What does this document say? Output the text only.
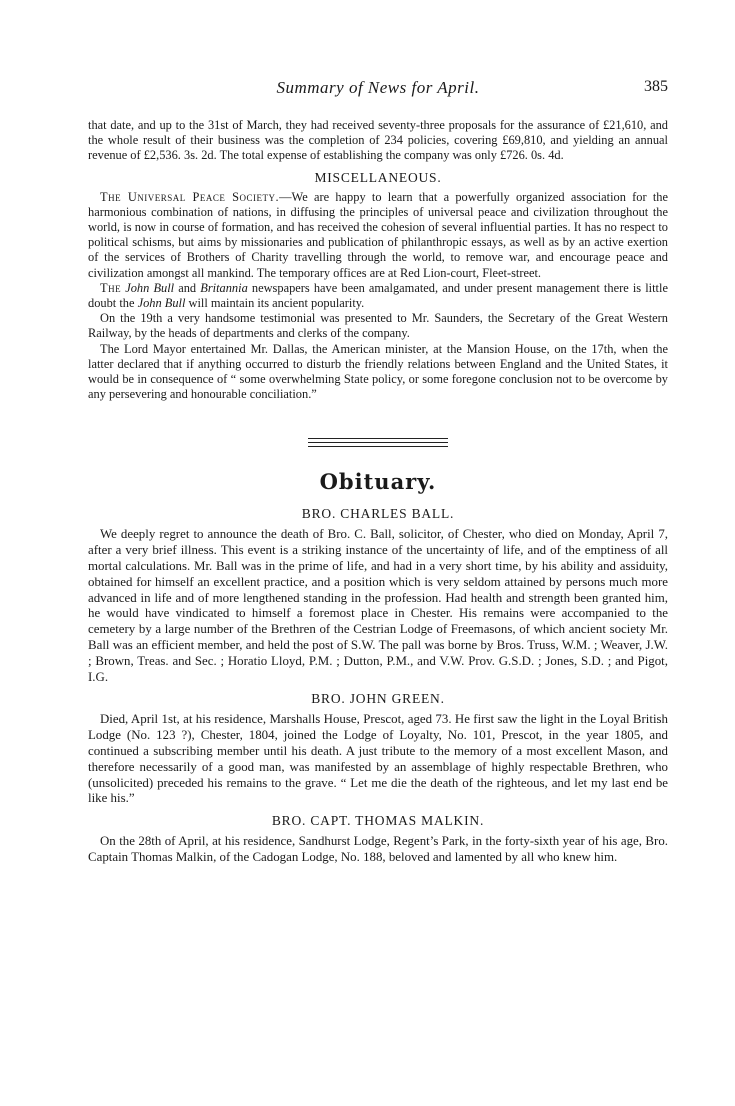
Summary of News for April.	385

that date, and up to the 31st of March, they had received seventy-three proposals for the assurance of £21,610, and the whole result of their business was the completion of 234 policies, covering £69,810, and yielding an annual revenue of £2,536. 3s. 2d. The total expense of establishing the company was only £726. 0s. 4d.

MISCELLANEOUS.

The Universal Peace Society.—We are happy to learn that a powerfully organized association for the harmonious combination of nations, in diffusing the principles of universal peace and civilization throughout the world, is now in course of formation, and has received the cohesion of several influential parties. It has no respect to political schisms, but aims by missionaries and publication of philanthropic essays, as well as by an active exertion of the services of Brothers of Charity travelling through the world, to remove war, and encourage peace and civilization amongst all mankind. The temporary offices are at Red Lion-court, Fleet-street.

The John Bull and Britannia newspapers have been amalgamated, and under present management there is little doubt the John Bull will maintain its ancient popularity.

On the 19th a very handsome testimonial was presented to Mr. Saunders, the Secretary of the Great Western Railway, by the heads of departments and clerks of the company.

The Lord Mayor entertained Mr. Dallas, the American minister, at the Mansion House, on the 17th, when the latter declared that if anything occurred to disturb the friendly relations between England and the United States, it would be in consequence of “ some overwhelming State policy, or some foregone conclusion not to be overcome by any persevering and honourable conciliation.”

Obituary.
BRO. CHARLES BALL.

We deeply regret to announce the death of Bro. C. Ball, solicitor, of Chester, who died on Monday, April 7, after a very brief illness. This event is a striking instance of the uncertainty of life, and of the emptiness of all mortal calculations. Mr. Ball was in the prime of life, and had in a very short time, by his ability and assiduity, obtained for himself an excellent practice, and a position which is very seldom attained by persons much more advanced in life and of more lengthened standing in the profession. Had health and strength been granted him, he would have vindicated to himself a foremost place in Chester. His remains were accompanied to the cemetery by a large number of the Brethren of the Cestrian Lodge of Freemasons, of which ancient society Mr. Ball was an efficient member, and held the post of S.W. The pall was borne by Bros. Truss, W.M. ; Weaver, J.W. ; Brown, Treas. and Sec. ; Horatio Lloyd, P.M. ; Dutton, P.M., and V.W. Prov. G.S.D. ; Jones, S.D. ; and Pigot, I.G.

BRO. JOHN GREEN.

Died, April 1st, at his residence, Marshalls House, Prescot, aged 73. He first saw the light in the Loyal British Lodge (No. 123 ?), Chester, 1804, joined the Lodge of Loyalty, No. 101, Prescot, in the year 1805, and continued a subscribing member until his death. A just tribute to the memory of a most excellent Mason, and therefore necessarily of a good man, was manifested by an assemblage of highly respectable Brethren, who (unsolicited) preceded his remains to the grave. “ Let me die the death of the righteous, and let my last end be like his.”

BRO. CAPT. THOMAS MALKIN.

On the 28th of April, at his residence, Sandhurst Lodge, Regent’s Park, in the forty-sixth year of his age, Bro. Captain Thomas Malkin, of the Cadogan Lodge, No. 188, beloved and lamented by all who knew him.
